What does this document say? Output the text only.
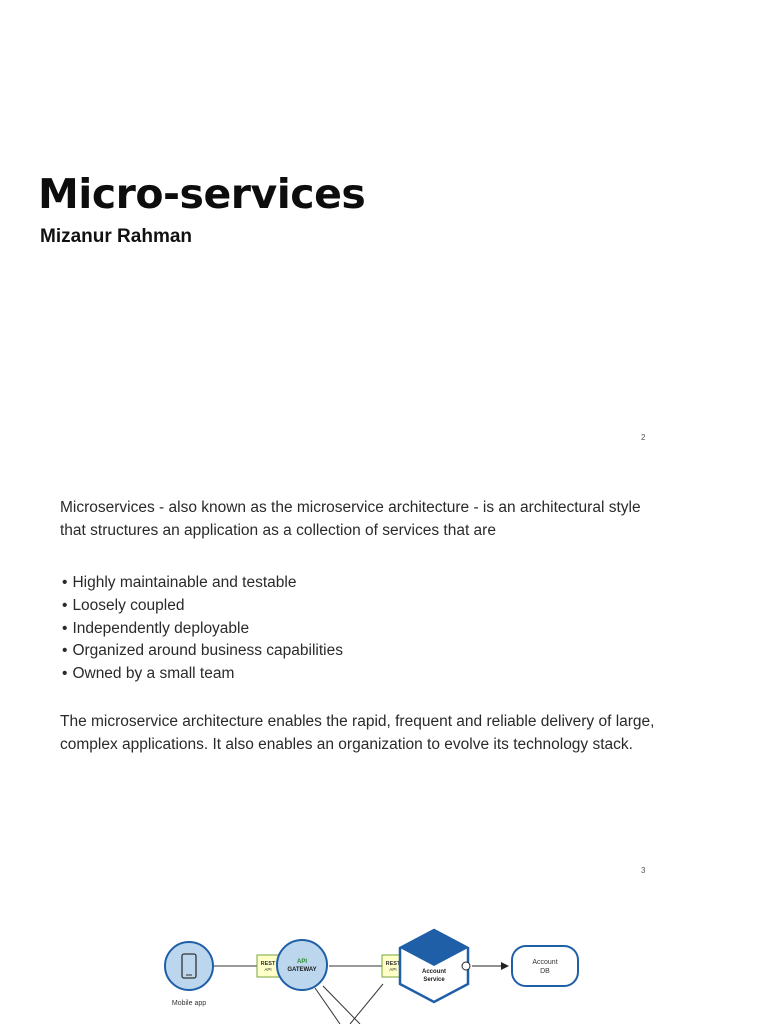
Micro-services
Mizanur Rahman
2

Microservices - also known as the microservice architecture - is an architectural style
that structures an application as a collection of services that are

• Highly maintainable and testable
• Loosely coupled
• Independently deployable
• Organized around business capabilities
• Owned by a small team

The microservice architecture enables the rapid, frequent and reliable delivery of large,
complex applications. It also enables an organization to evolve its technology stack.

3
Mobile app
REST
API
API
GATEWAY
REST
API	Account
Service
Account
DB
